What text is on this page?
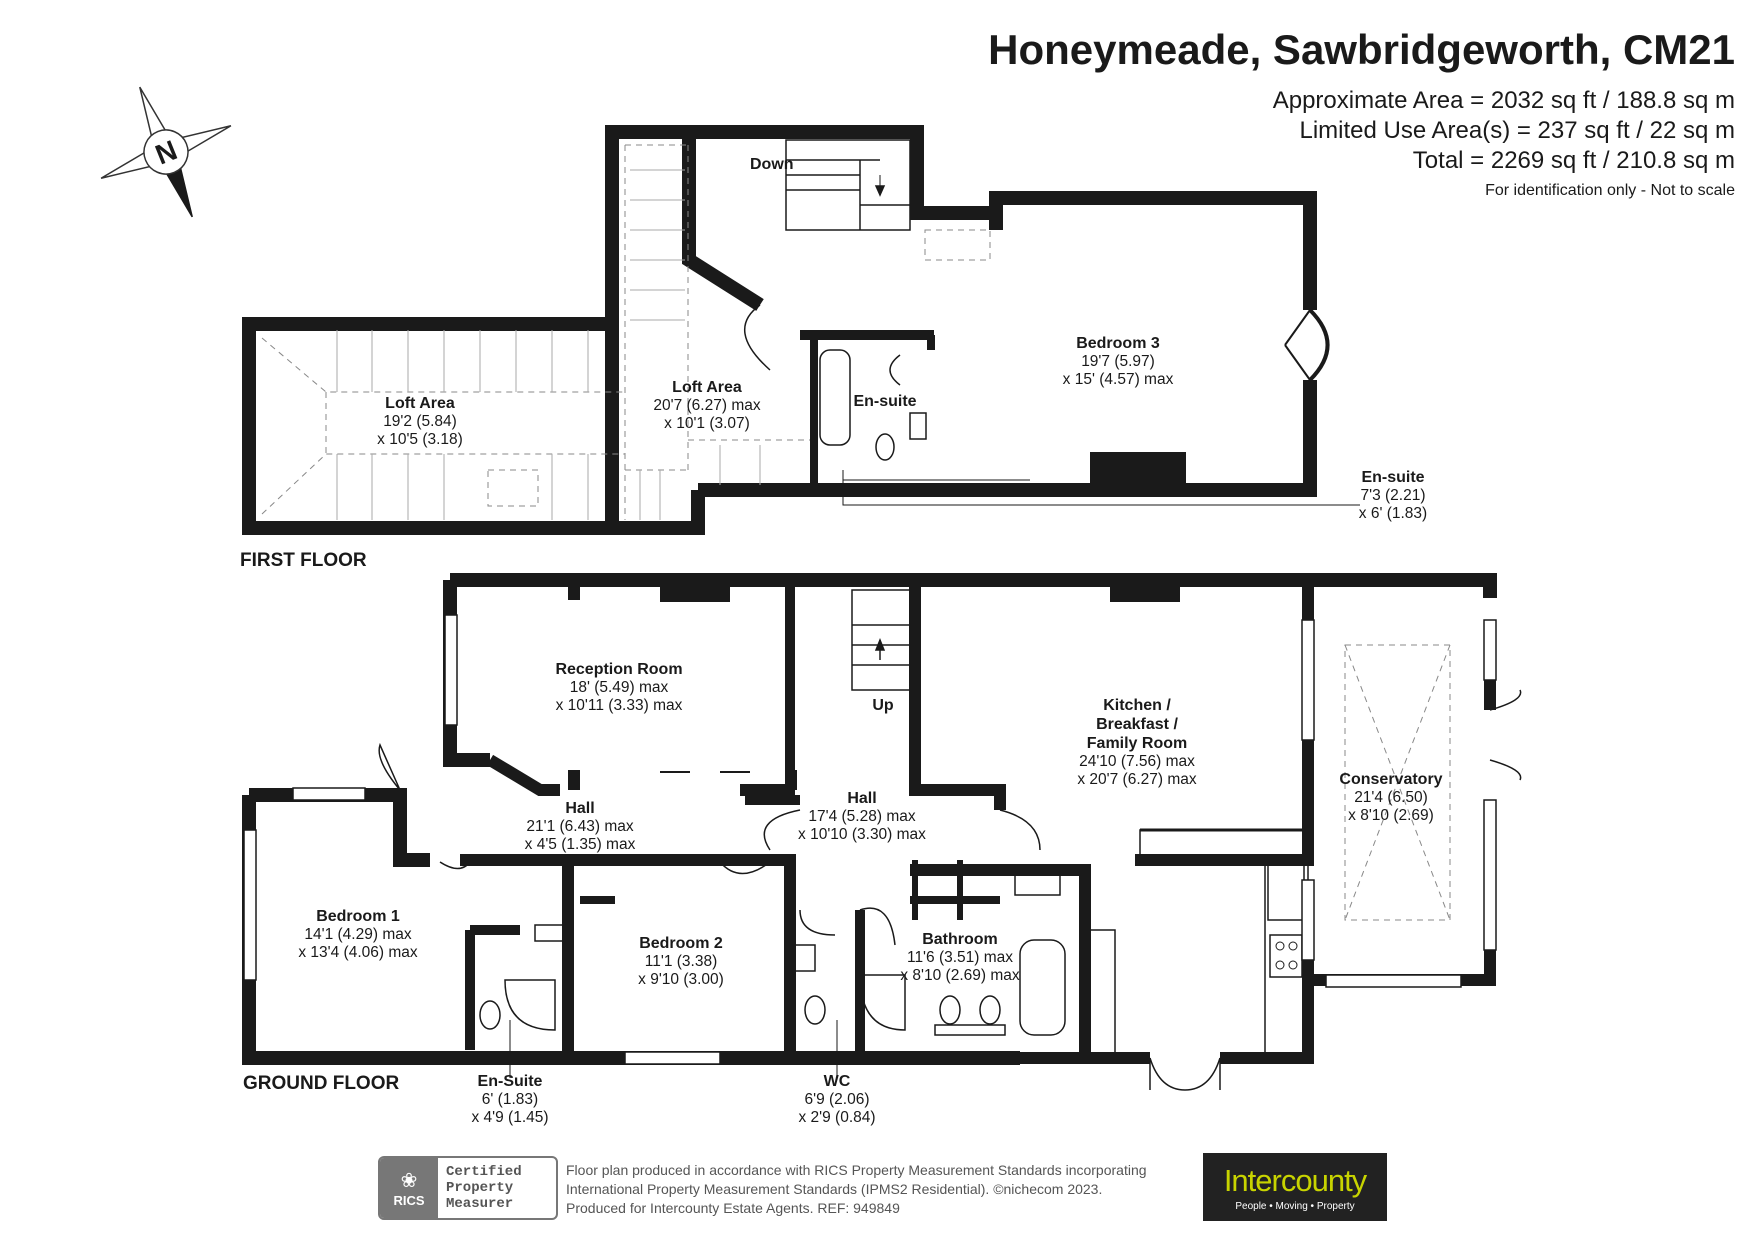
Honeymeade, Sawbridgeworth, CM21
Approximate Area = 2032 sq ft / 188.8 sq m
Limited Use Area(s) = 237 sq ft / 22 sq m
Total = 2269 sq ft / 210.8 sq m
For identification only - Not to scale
N
FIRST FLOOR
Down
Loft Area
19'2 (5.84)
x 10'5 (3.18)
Loft Area
20'7 (6.27) max
x 10'1 (3.07)
Bedroom 3
19'7 (5.97)
x 15' (4.57) max
En-suite
En-suite
7'3 (2.21)
x 6' (1.83)
GROUND FLOOR
Up
Reception Room
18' (5.49) max
x 10'11 (3.33) max
Hall
21'1 (6.43) max
x 4'5 (1.35) max
Hall
17'4 (5.28) max
x 10'10 (3.30) max
Kitchen /
Breakfast /
Family Room
24'10 (7.56) max
x 20'7 (6.27) max	Conservatory
21'4 (6.50)
x 8'10 (2.69)
Bedroom 1
14'1 (4.29) max
x 13'4 (4.06) max
Bedroom 2
11'1 (3.38)
x 9'10 (3.00)
Bathroom
11'6 (3.51) max
x 8'10 (2.69) max
En-Suite
6' (1.83)
x 4'9 (1.45)
WC
6'9 (2.06)
x 2'9 (0.84)
❀
RICS
Certified
Property
Measurer
Floor plan produced in accordance with RICS Property Measurement Standards incorporating
International Property Measurement Standards (IPMS2 Residential). ©nichecom 2023.
Produced for Intercounty Estate Agents. REF: 949849
Intercounty
People • Moving • Property
